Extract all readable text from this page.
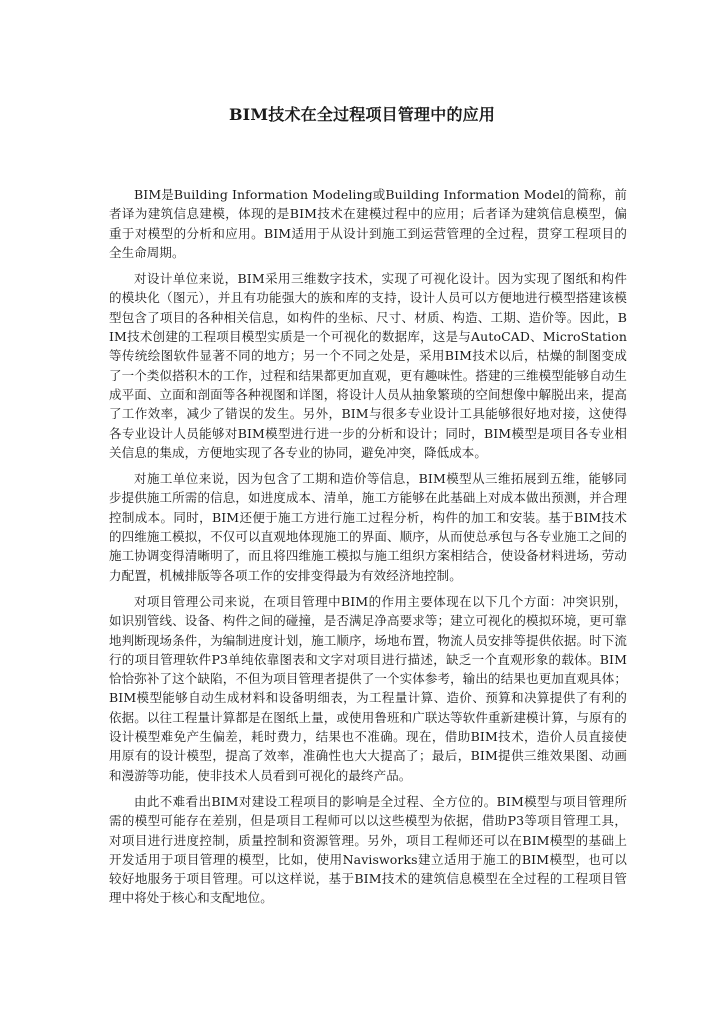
BIM技术在全过程项目管理中的应用

BIM是Building Information Modeling或Building Information Model的简称，前者译为建筑信息建模，体现的是BIM技术在建模过程中的应用；后者译为建筑信息模型，偏重于对模型的分析和应用。BIM适用于从设计到施工到运营管理的全过程，贯穿工程项目的全生命周期。

对设计单位来说，BIM采用三维数字技术，实现了可视化设计。因为实现了图纸和构件的模块化（图元），并且有功能强大的族和库的支持，设计人员可以方便地进行模型搭建该模型包含了项目的各种相关信息，如构件的坐标、尺寸、材质、构造、工期、造价等。因此，BIM技术创建的工程项目模型实质是一个可视化的数据库，这是与AutoCAD、MicroStation等传统绘图软件显著不同的地方；另一个不同之处是，采用BIM技术以后，枯燥的制图变成了一个类似搭积木的工作，过程和结果都更加直观，更有趣味性。搭建的三维模型能够自动生成平面、立面和剖面等各种视图和详图，将设计人员从抽象繁琐的空间想像中解脱出来，提高了工作效率，减少了错误的发生。另外，BIM与很多专业设计工具能够很好地对接，这使得各专业设计人员能够对BIM模型进行进一步的分析和设计；同时，BIM模型是项目各专业相关信息的集成，方便地实现了各专业的协同，避免冲突，降低成本。

对施工单位来说，因为包含了工期和造价等信息，BIM模型从三维拓展到五维，能够同步提供施工所需的信息，如进度成本、清单，施工方能够在此基础上对成本做出预测，并合理控制成本。同时，BIM还便于施工方进行施工过程分析，构件的加工和安装。基于BIM技术的四维施工模拟，不仅可以直观地体现施工的界面、顺序，从而使总承包与各专业施工之间的施工协调变得清晰明了，而且将四维施工模拟与施工组织方案相结合，使设备材料进场，劳动力配置，机械排版等各项工作的安排变得最为有效经济地控制。

对项目管理公司来说，在项目管理中BIM的作用主要体现在以下几个方面：冲突识别，如识别管线、设备、构件之间的碰撞，是否满足净高要求等；建立可视化的模拟环境，更可靠地判断现场条件，为编制进度计划，施工顺序，场地布置，物流人员安排等提供依据。时下流行的项目管理软件P3单纯依靠图表和文字对项目进行描述，缺乏一个直观形象的载体。BIM恰恰弥补了这个缺陷，不但为项目管理者提供了一个实体参考，输出的结果也更加直观具体；BIM模型能够自动生成材料和设备明细表，为工程量计算、造价、预算和决算提供了有利的依据。以往工程量计算都是在图纸上量，或使用鲁班和广联达等软件重新建模计算，与原有的设计模型难免产生偏差，耗时费力，结果也不准确。现在，借助BIM技术，造价人员直接使用原有的设计模型，提高了效率，准确性也大大提高了；最后，BIM提供三维效果图、动画和漫游等功能，使非技术人员看到可视化的最终产品。

由此不难看出BIM对建设工程项目的影响是全过程、全方位的。BIM模型与项目管理所需的模型可能存在差别，但是项目工程师可以以这些模型为依据，借助P3等项目管理工具，对项目进行进度控制，质量控制和资源管理。另外，项目工程师还可以在BIM模型的基础上开发适用于项目管理的模型，比如，使用Navisworks建立适用于施工的BIM模型，也可以较好地服务于项目管理。可以这样说，基于BIM技术的建筑信息模型在全过程的工程项目管理中将处于核心和支配地位。
